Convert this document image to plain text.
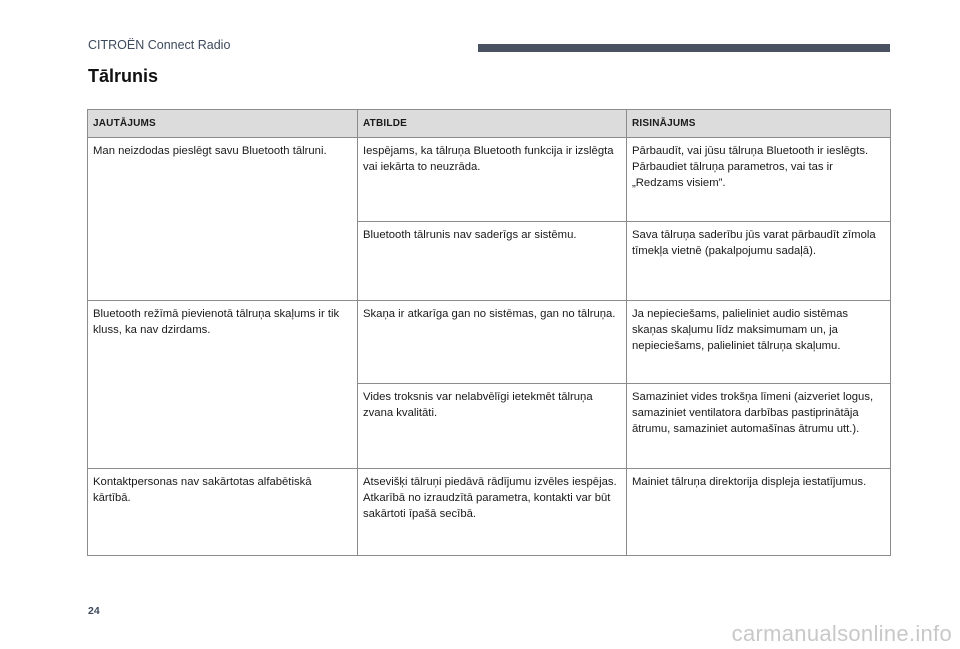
CITROËN Connect Radio
Tālrunis
JAUTĀJUMS	ATBILDE	RISINĀJUMS
Man neizdodas pieslēgt savu Bluetooth tālruni.	Iespējams, ka tālruņa Bluetooth funkcija ir izslēgta vai iekārta to neuzrāda.	Pārbaudīt, vai jūsu tālruņa Bluetooth ir ieslēgts. Pārbaudiet tālruņa parametros, vai tas ir „Redzams visiem”.
	Bluetooth tālrunis nav saderīgs ar sistēmu.	Sava tālruņa saderību jūs varat pārbaudīt zīmola tīmekļa vietnē (pakalpojumu sadaļā).
Bluetooth režīmā pievienotā tālruņa skaļums ir tik kluss, ka nav dzirdams.	Skaņa ir atkarīga gan no sistēmas, gan no tālruņa.	Ja nepieciešams, palieliniet audio sistēmas skaņas skaļumu līdz maksimumam un, ja nepieciešams, palieliniet tālruņa skaļumu.
	Vides troksnis var nelabvēlīgi ietekmēt tālruņa zvana kvalitāti.	Samaziniet vides trokšņa līmeni (aizveriet logus, samaziniet ventilatora darbības pastiprinātāja ātrumu, samaziniet automašīnas ātrumu utt.).
Kontaktpersonas nav sakārtotas alfabētiskā kārtībā.	Atsevišķi tālruņi piedāvā rādījumu izvēles iespējas. Atkarībā no izraudzītā parametra, kontakti var būt sakārtoti īpašā secībā.	Mainiet tālruņa direktorija displeja iestatījumus.
24
carmanualsonline.info
